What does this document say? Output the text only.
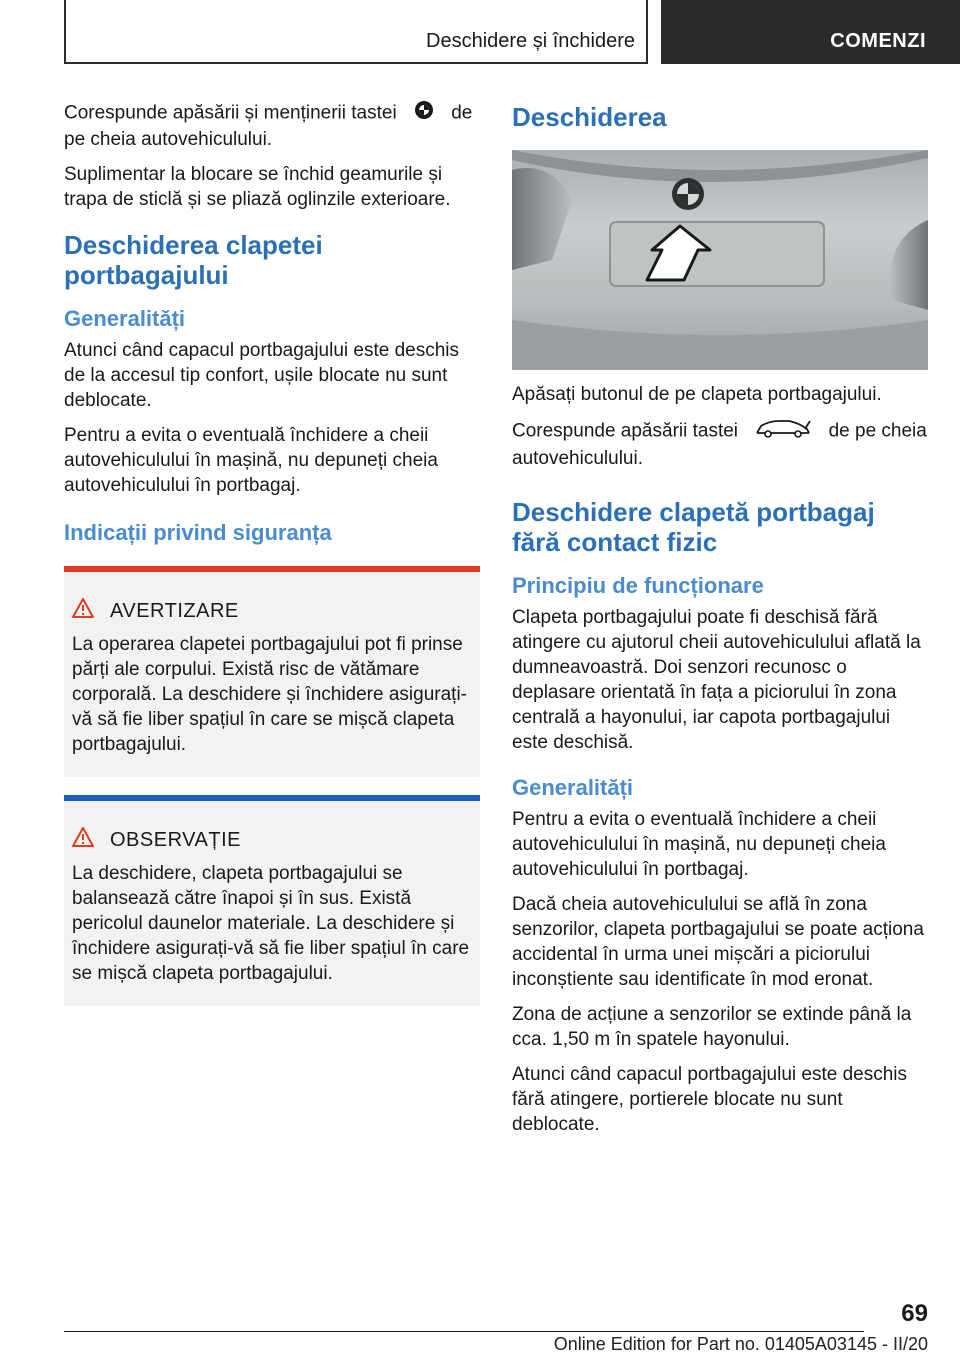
Deschidere și închidere	COMENZI

Corespunde apăsării și menținerii tastei	de pe cheia autovehiculului.

Suplimentar la blocare se închid geamurile și trapa de sticlă și se pliază oglinzile exterioare.

Deschiderea clapetei portbagajului
Generalități

Atunci când capacul portbagajului este deschis de la accesul tip confort, ușile blocate nu sunt deblocate.

Pentru a evita o eventuală închidere a cheii autovehiculului în mașină, nu depuneți cheia autovehiculului în portbagaj.

Indicații privind siguranța
AVERTIZARE

La operarea clapetei portbagajului pot fi prinse părți ale corpului. Există risc de vătămare corporală. La deschidere și închidere asigurați-vă să fie liber spațiul în care se mișcă clapeta portbagajului.

OBSERVAȚIE

La deschidere, clapeta portbagajului se balansează către înapoi și în sus. Există pericolul daunelor materiale. La deschidere și închidere asigurați-vă să fie liber spațiul în care se mișcă clapeta portbagajului.

Deschiderea

Apăsați butonul de pe clapeta portbagajului.

Corespunde apăsării tastei	de pe cheia autovehiculului.

Deschidere clapetă portbagaj fără contact fizic
Principiu de funcționare

Clapeta portbagajului poate fi deschisă fără atingere cu ajutorul cheii autovehiculului aflată la dumneavoastră. Doi senzori recunosc o deplasare orientată în fața a piciorului în zona centrală a hayonului, iar capota portbagajului este deschisă.

Generalități

Pentru a evita o eventuală închidere a cheii autovehiculului în mașină, nu depuneți cheia autovehiculului în portbagaj.

Dacă cheia autovehiculului se află în zona senzorilor, clapeta portbagajului se poate acționa accidental în urma unei mișcări a piciorului inconștiente sau identificate în mod eronat.

Zona de acțiune a senzorilor se extinde până la cca. 1,50 m în spatele hayonului.

Atunci când capacul portbagajului este deschis fără atingere, portierele blocate nu sunt deblocate.

69
Online Edition for Part no. 01405A03145 - II/20
